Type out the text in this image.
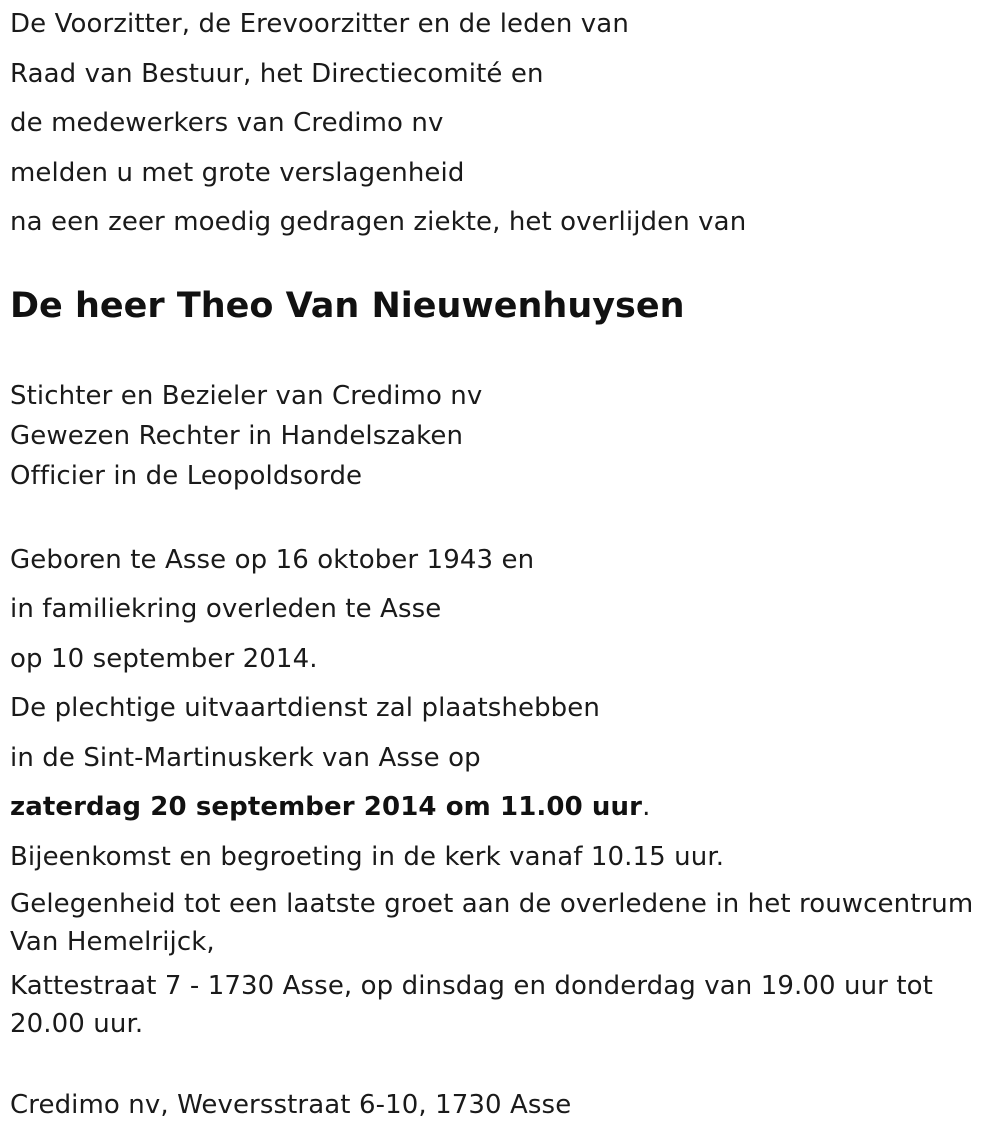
De Voorzitter, de Erevoorzitter en de leden van

Raad van Bestuur, het Directiecomité en

de medewerkers van Credimo nv

melden u met grote verslagenheid

na een zeer moedig gedragen ziekte, het overlijden van

De heer Theo Van Nieuwenhuysen

Stichter en Bezieler van Credimo nv

Gewezen Rechter in Handelszaken

Officier in de Leopoldsorde

Geboren te Asse op 16 oktober 1943 en

in familiekring overleden te Asse

op 10 september 2014.

De plechtige uitvaartdienst zal plaatshebben

in de Sint-Martinuskerk van Asse op

zaterdag 20 september 2014 om 11.00 uur.

Bijeenkomst en begroeting in de kerk vanaf 10.15 uur.

Gelegenheid tot een laatste groet aan de overledene in het rouwcentrum Van Hemelrijck,

Kattestraat 7 - 1730 Asse, op dinsdag en donderdag van 19.00 uur tot 20.00 uur.

Credimo nv, Weversstraat 6-10, 1730 Asse
